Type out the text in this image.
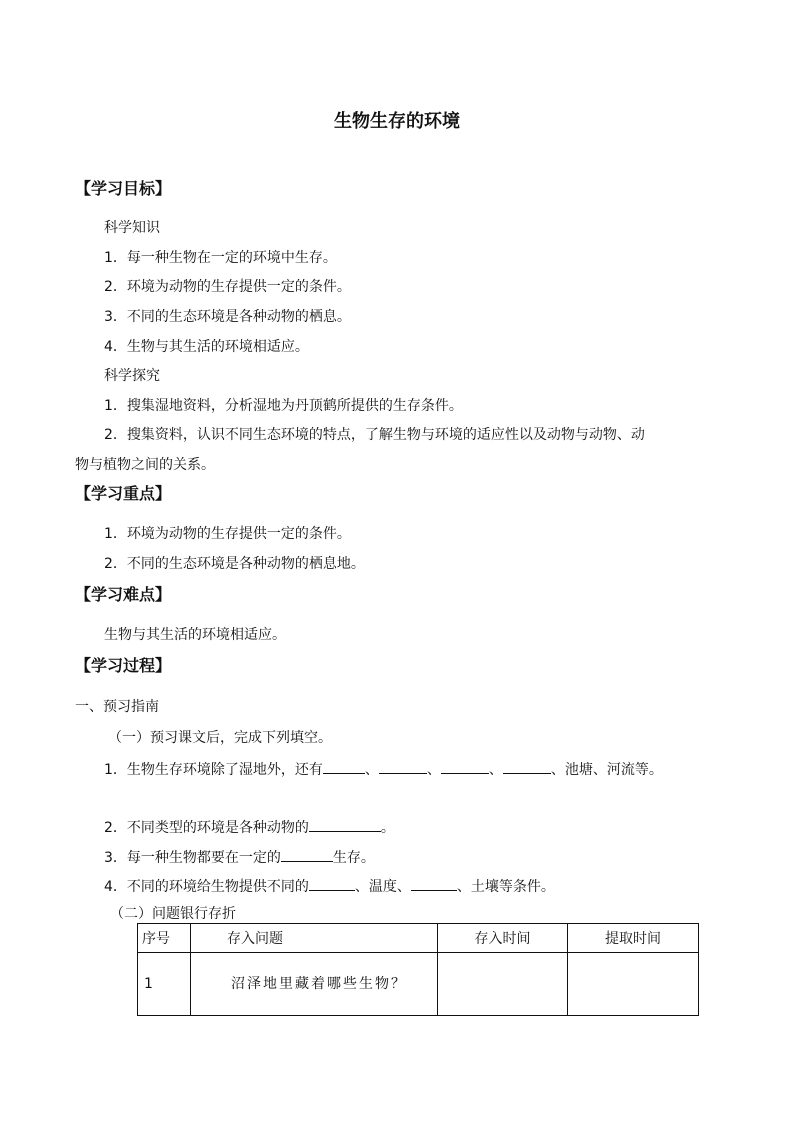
生物生存的环境
【学习目标】
科学知识
1．每一种生物在一定的环境中生存。
2．环境为动物的生存提供一定的条件。
3．不同的生态环境是各种动物的栖息。
4．生物与其生活的环境相适应。
科学探究
1．搜集湿地资料，分析湿地为丹顶鹤所提供的生存条件。
2．搜集资料，认识不同生态环境的特点，了解生物与环境的适应性以及动物与动物、动
物与植物之间的关系。
【学习重点】
1．环境为动物的生存提供一定的条件。
2．不同的生态环境是各种动物的栖息地。
【学习难点】
生物与其生活的环境相适应。
【学习过程】
一、预习指南
（一）预习课文后，完成下列填空。
1．生物生存环境除了湿地外，还有	、	、	、	、池塘、河流等。
2．不同类型的环境是各种动物的	。
3．每一种生物都要在一定的	生存。
4．不同的环境给生物提供不同的	、温度、	、土壤等条件。
（二）问题银行存折
序号	存入问题	存入时间	提取时间
1	沼泽地里藏着哪些生物？		
